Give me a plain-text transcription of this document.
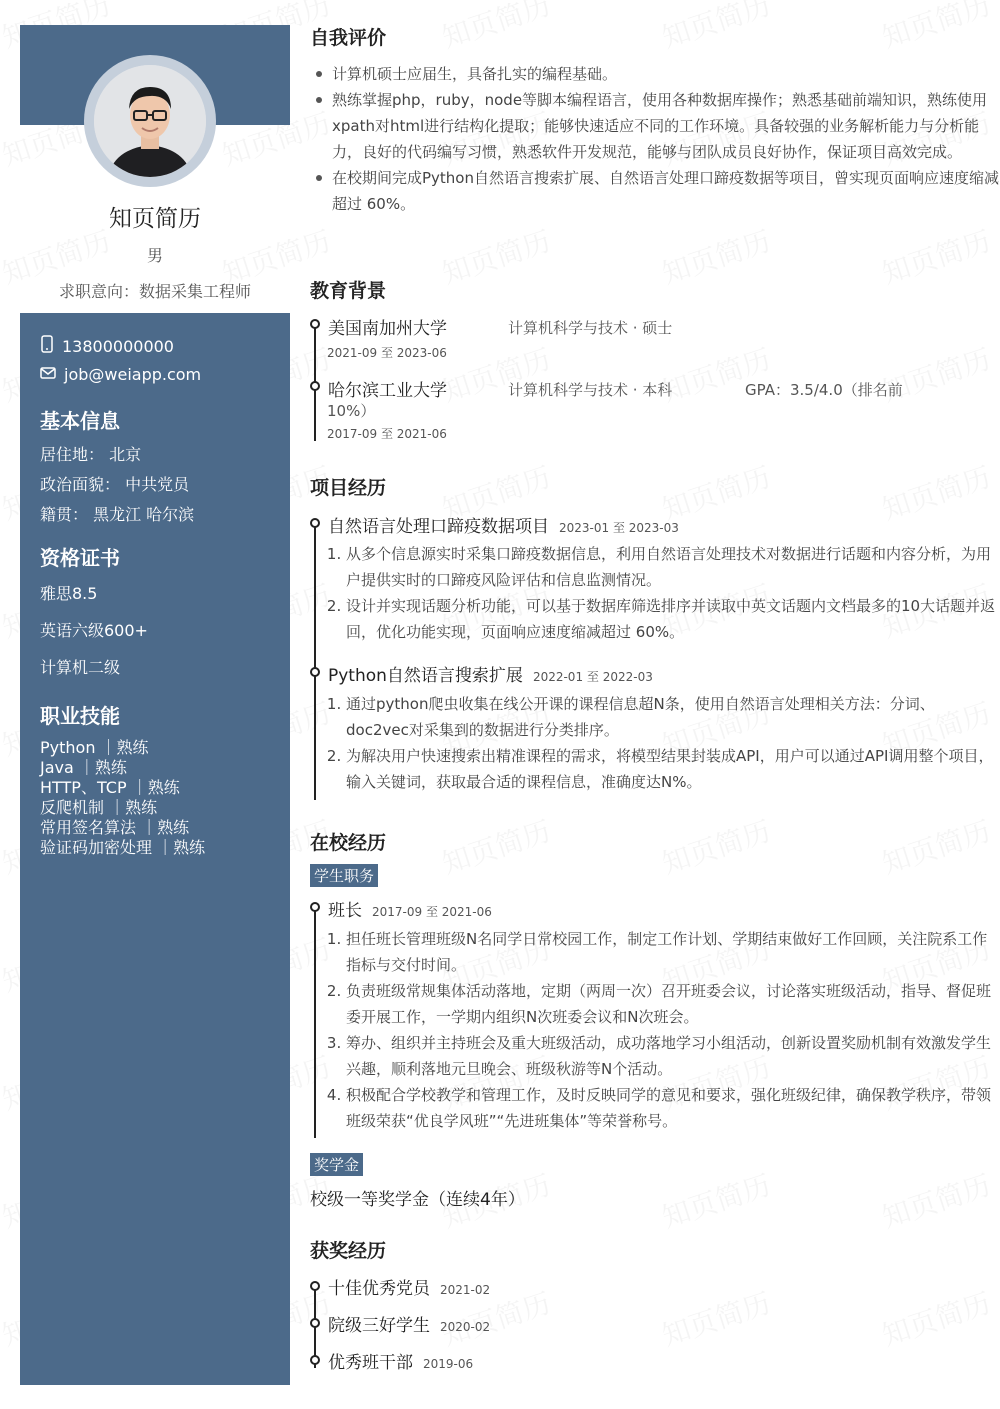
知页简历
男
求职意向：数据采集工程师
13800000000
job@weiapp.com
基本信息
居住地： 北京
政治面貌： 中共党员
籍贯： 黑龙江 哈尔滨
资格证书
雅思8.5
英语六级600+
计算机二级
职业技能
Python ｜熟练
Java ｜熟练
HTTP、TCP ｜熟练
反爬机制 ｜熟练
常用签名算法 ｜熟练
验证码加密处理 ｜熟练
自我评价
计算机硕士应届生，具备扎实的编程基础。
熟练掌握php，ruby，node等脚本编程语言，使用各种数据库操作；熟悉基础前端知识，熟练使用xpath对html进行结构化提取；能够快速适应不同的工作环境。具备较强的业务解析能力与分析能力，良好的代码编写习惯，熟悉软件开发规范，能够与团队成员良好协作，保证项目高效完成。
在校期间完成Python自然语言搜索扩展、自然语言处理口蹄疫数据等项目，曾实现页面响应速度缩减超过 60%。
教育背景
美国南加州大学	计算机科学与技术 · 硕士
2021-09 至 2023-06
哈尔滨工业大学	计算机科学与技术 · 本科	GPA：3.5/4.0（排名前
10%）
2017-09 至 2021-06
项目经历
自然语言处理口蹄疫数据项目 2023-01 至 2023-03
1. 从多个信息源实时采集口蹄疫数据信息，利用自然语言处理技术对数据进行话题和内容分析，为用户提供实时的口蹄疫风险评估和信息监测情况。
2. 设计并实现话题分析功能，可以基于数据库筛选排序并读取中英文话题内文档最多的10大话题并返回，优化功能实现，页面响应速度缩减超过 60%。
Python自然语言搜索扩展 2022-01 至 2022-03
1. 通过python爬虫收集在线公开课的课程信息超N条，使用自然语言处理相关方法：分词、doc2vec对采集到的数据进行分类排序。
2. 为解决用户快速搜索出精准课程的需求，将模型结果封装成API，用户可以通过API调用整个项目，输入关键词，获取最合适的课程信息，准确度达N%。
在校经历
学生职务
班长 2017-09 至 2021-06
1. 担任班长管理班级N名同学日常校园工作，制定工作计划、学期结束做好工作回顾，关注院系工作指标与交付时间。
2. 负责班级常规集体活动落地，定期（两周一次）召开班委会议，讨论落实班级活动，指导、督促班委开展工作，一学期内组织N次班委会议和N次班会。
3. 筹办、组织并主持班会及重大班级活动，成功落地学习小组活动，创新设置奖励机制有效激发学生兴趣，顺利落地元旦晚会、班级秋游等N个活动。
4. 积极配合学校教学和管理工作，及时反映同学的意见和要求，强化班级纪律，确保教学秩序，带领班级荣获“优良学风班”“先进班集体”等荣誉称号。
奖学金
校级一等奖学金（连续4年）
获奖经历
十佳优秀党员 2021-02
院级三好学生 2020-02
优秀班干部 2019-06
